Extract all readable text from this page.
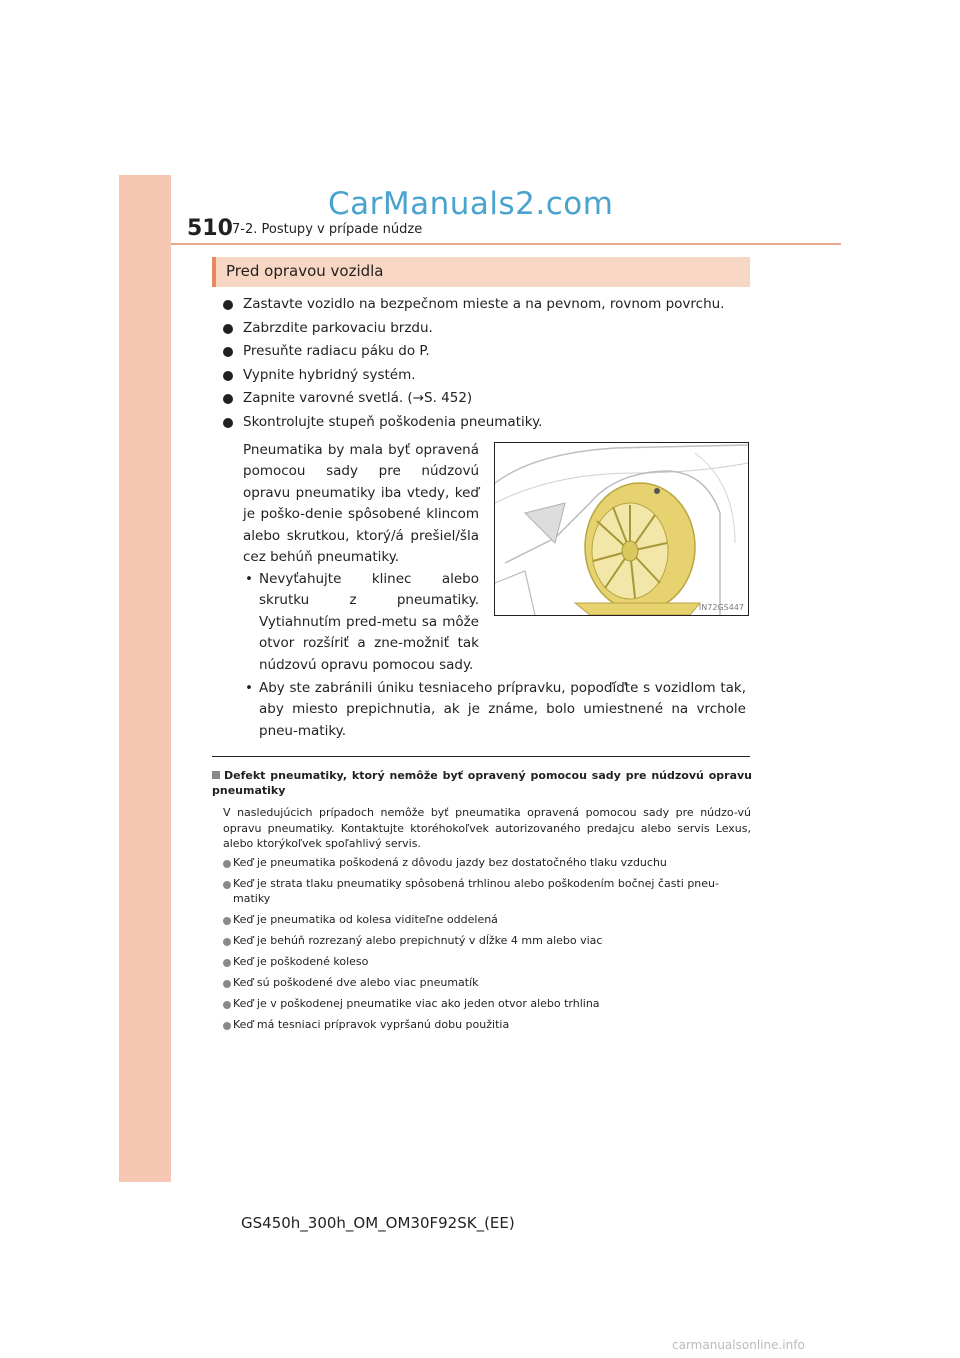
CarManuals2.com
510 7-2. Postupy v prípade núdze
Pred opravou vozidla
Zastavte vozidlo na bezpečnom mieste a na pevnom, rovnom povrchu.
Zabrzdite parkovaciu brzdu.
Presuňte radiacu páku do P.
Vypnite hybridný systém.
Zapnite varovné svetlá. (→S. 452)
Skontrolujte stupeň poškodenia pneumatiky.

Pneumatika by mala byť opravená pomocou sady pre núdzovú opravu pneumatiky iba vtedy, keď je poško-denie spôsobené klincom alebo skrutkou, ktorý/á prešiel/šla cez behúň pneumatiky.

• Nevyťahujte klinec alebo skrutku z pneumatiky. Vytiahnutím pred-metu sa môže otvor rozšíriť a zne-možniť tak núdzovú opravu pomocou sady.

• Aby ste zabránili úniku tesniaceho prípravku, popoďíďte s vozidlom tak, aby miesto prepichnutia, ak je známe, bolo umiestnené na vrchole pneu-matiky.

IN72GS447

Defekt pneumatiky, ktorý nemôže byť opravený pomocou sady pre núdzovú opravu pneumatiky

V nasledujúcich prípadoch nemôže byť pneumatika opravená pomocou sady pre núdzo-vú opravu pneumatiky. Kontaktujte ktoréhokoľvek autorizovaného predajcu alebo servis Lexus, alebo ktorýkoľvek spoľahlivý servis.

Keď je pneumatika poškodená z dôvodu jazdy bez dostatočného tlaku vzduchu
Keď je strata tlaku pneumatiky spôsobená trhlinou alebo poškodením bočnej časti pneu-matiky
Keď je pneumatika od kolesa viditeľne oddelená
Keď je behúň rozrezaný alebo prepichnutý v dĺžke 4 mm alebo viac
Keď je poškodené koleso
Keď sú poškodené dve alebo viac pneumatík
Keď je v poškodenej pneumatike viac ako jeden otvor alebo trhlina
Keď má tesniaci prípravok vypršanú dobu použitia
GS450h_300h_OM_OM30F92SK_(EE)
carmanualsonline.info
